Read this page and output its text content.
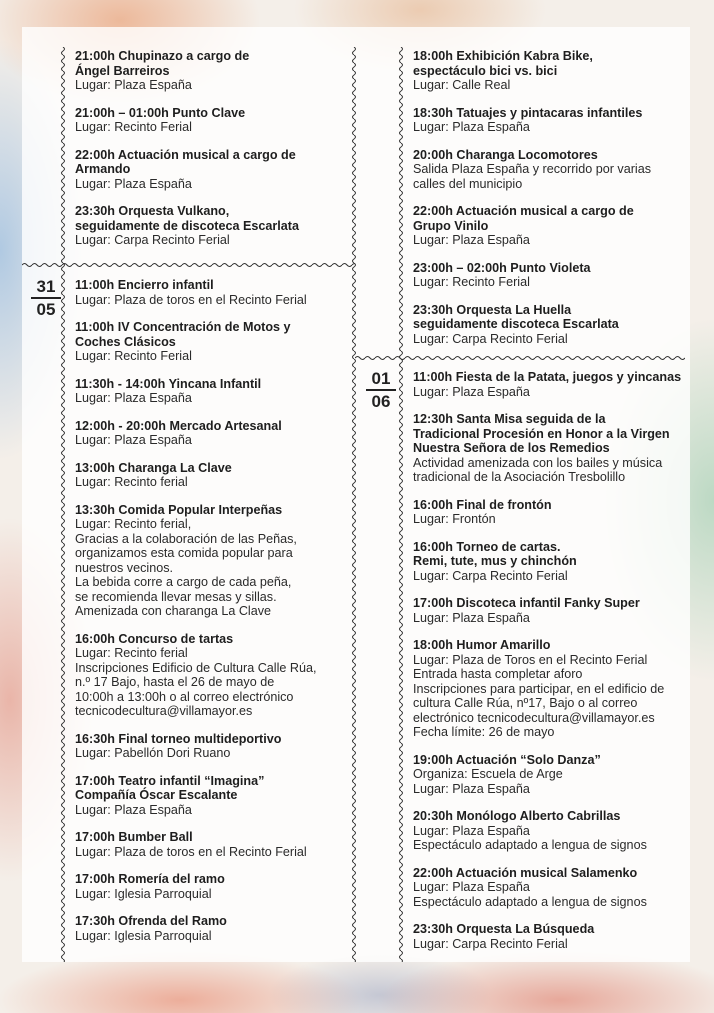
31
05
01
06
21:00h Chupinazo a cargo de
Ángel Barreiros
Lugar: Plaza España
21:00h – 01:00h Punto Clave
Lugar: Recinto Ferial
22:00h Actuación musical a cargo de
Armando
Lugar: Plaza España
23:30h Orquesta Vulkano,
seguidamente de discoteca Escarlata
Lugar: Carpa Recinto Ferial
11:00h Encierro infantil
Lugar: Plaza de toros en el Recinto Ferial
11:00h IV Concentración de Motos y
Coches Clásicos
Lugar: Recinto Ferial
11:30h - 14:00h Yincana Infantil
Lugar: Plaza España
12:00h - 20:00h Mercado Artesanal
Lugar: Plaza España
13:00h Charanga La Clave
Lugar: Recinto ferial
13:30h Comida Popular Interpeñas
Lugar: Recinto ferial,
Gracias a la colaboración de las Peñas,
organizamos esta comida popular para
nuestros vecinos.
La bebida corre a cargo de cada peña,
se recomienda llevar mesas y sillas.
Amenizada con charanga La Clave
16:00h Concurso de tartas
Lugar: Recinto ferial
Inscripciones Edificio de Cultura Calle Rúa,
n.º 17 Bajo, hasta el 26 de mayo de
10:00h a 13:00h o al correo electrónico
tecnicodecultura@villamayor.es
16:30h Final torneo multideportivo
Lugar: Pabellón Dori Ruano
17:00h Teatro infantil “Imagina”
Compañía Óscar Escalante
Lugar: Plaza España
17:00h Bumber Ball
Lugar: Plaza de toros en el Recinto Ferial
17:00h Romería del ramo
Lugar: Iglesia Parroquial
17:30h Ofrenda del Ramo
Lugar: Iglesia Parroquial
18:00h Exhibición Kabra Bike,
espectáculo bici vs. bici
Lugar: Calle Real
18:30h Tatuajes y pintacaras infantiles
Lugar: Plaza España
20:00h Charanga Locomotores
Salida Plaza España y recorrido por varias
calles del municipio
22:00h Actuación musical a cargo de
Grupo Vinilo
Lugar: Plaza España
23:00h – 02:00h Punto Violeta
Lugar: Recinto Ferial
23:30h Orquesta La Huella
seguidamente discoteca Escarlata
Lugar: Carpa Recinto Ferial
11:00h Fiesta de la Patata, juegos y yincanas
Lugar: Plaza España
12:30h Santa Misa seguida de la
Tradicional Procesión en Honor a la Virgen
Nuestra Señora de los Remedios
Actividad amenizada con los bailes y música
tradicional de la Asociación Tresbolillo
16:00h Final de frontón
Lugar: Frontón
16:00h Torneo de cartas.
Remi, tute, mus y chinchón
Lugar: Carpa Recinto Ferial
17:00h Discoteca infantil Fanky Super
Lugar: Plaza España
18:00h Humor Amarillo
Lugar: Plaza de Toros en el Recinto Ferial
Entrada hasta completar aforo
Inscripciones para participar, en el edificio de
cultura Calle Rúa, nº17, Bajo o al correo
electrónico tecnicodecultura@villamayor.es
Fecha límite: 26 de mayo
19:00h Actuación “Solo Danza”
Organiza: Escuela de Arge
Lugar: Plaza España
20:30h Monólogo Alberto Cabrillas
Lugar: Plaza España
Espectáculo adaptado a lengua de signos
22:00h Actuación musical Salamenko
Lugar: Plaza España
Espectáculo adaptado a lengua de signos
23:30h Orquesta La Búsqueda
Lugar: Carpa Recinto Ferial
